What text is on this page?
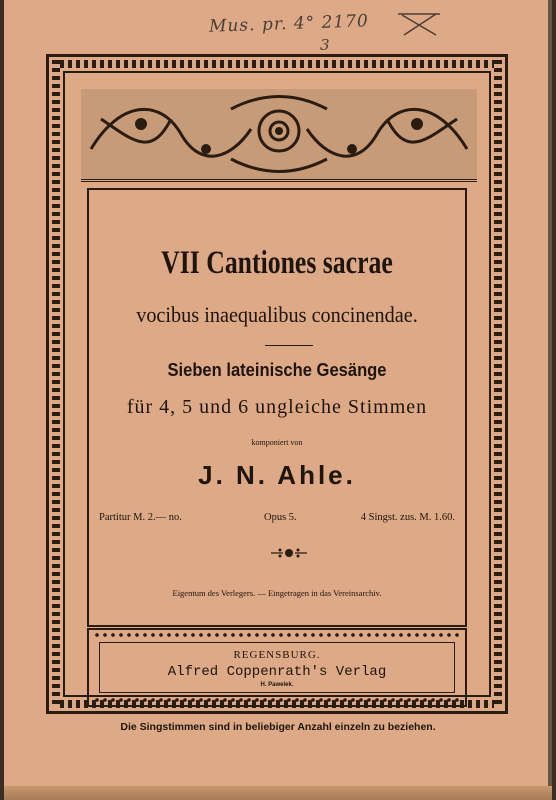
Mus. pr. 4° 2170
3
VII Cantiones sacrae
vocibus inaequalibus concinendae.
Sieben lateinische Gesänge
für 4, 5 und 6 ungleiche Stimmen
komponiert von
J. N. Ahle.
Partitur M. 2.— no.	Opus 5.	4 Singst. zus. M. 1.60.
Eigentum des Verlegers. — Eingetragen in das Vereinsarchiv.
REGENSBURG.
Alfred Coppenrath's Verlag
H. Pawelek.
Die Singstimmen sind in beliebiger Anzahl einzeln zu beziehen.
